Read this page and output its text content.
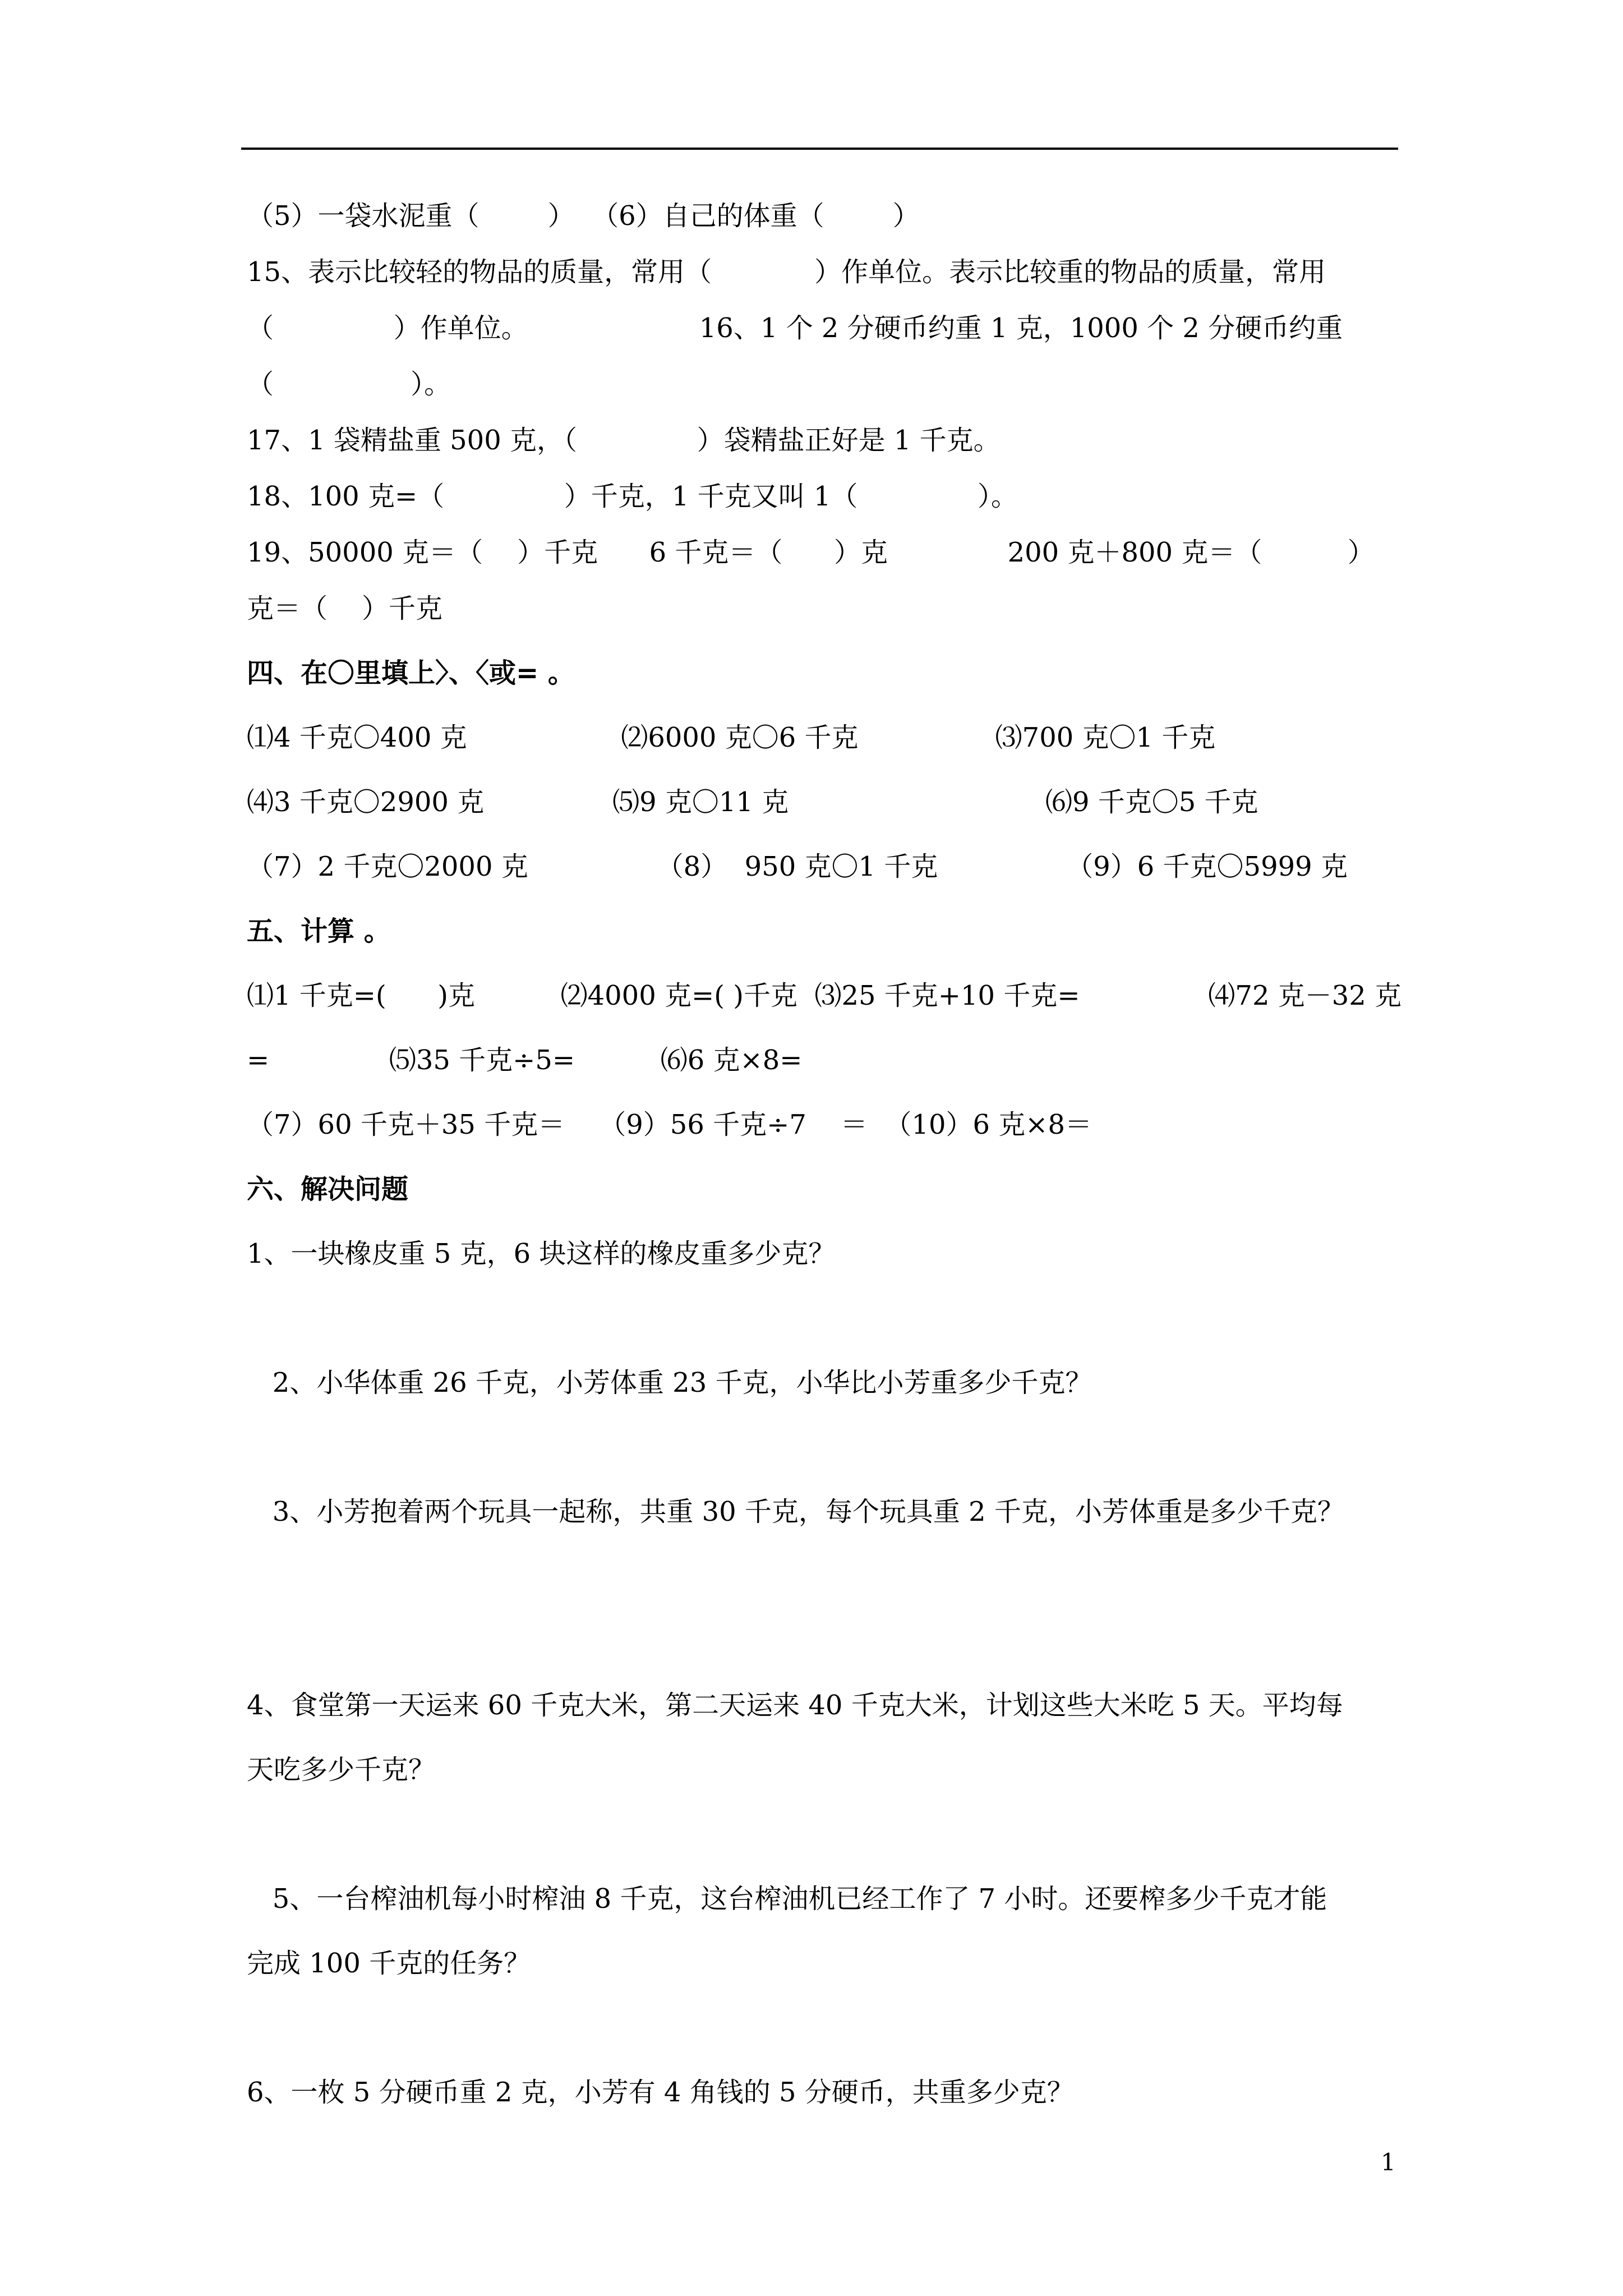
（5）一袋水泥重（        ）  （6）自己的体重（        ）
15、表示比较轻的物品的质量，常用（            ）作单位。表示比较重的物品的质量，常用
（              ）作单位。                    16、1 个 2 分硬币约重 1 克，1000 个 2 分硬币约重
（                ）。
17、1 袋精盐重 500 克，（              ）袋精盐正好是 1 千克。
18、100 克=（              ）千克，1 千克又叫 1（              ）。
19、50000 克＝（    ）千克      6 千克＝（      ）克              200 克＋800 克＝（          ）
克＝（    ）千克
四、在〇里填上〉、〈或= 。
⑴4 千克〇400 克                  ⑵6000 克〇6 千克                ⑶700 克〇1 千克
⑷3 千克〇2900 克               ⑸9 克〇11 克                              ⑹9 千克〇5 千克
（7）2 千克〇2000 克               （8）  950 克〇1 千克               （9）6 千克〇5999 克
五、计算 。
⑴1 千克=(      )克          ⑵4000 克=( )千克  ⑶25 千克+10 千克=               ⑷72 克－32 克
=              ⑸35 千克÷5=          ⑹6 克×8=
（7）60 千克＋35 千克＝    （9）56 千克÷7    ＝  （10）6 克×8＝
六、解决问题
1、一块橡皮重 5 克，6 块这样的橡皮重多少克？
2、小华体重 26 千克，小芳体重 23 千克，小华比小芳重多少千克？
3、小芳抱着两个玩具一起称，共重 30 千克，每个玩具重 2 千克，小芳体重是多少千克？
4、食堂第一天运来 60 千克大米，第二天运来 40 千克大米，计划这些大米吃 5 天。平均每
天吃多少千克？
5、一台榨油机每小时榨油 8 千克，这台榨油机已经工作了 7 小时。还要榨多少千克才能
完成 100 千克的任务？
6、一枚 5 分硬币重 2 克，小芳有 4 角钱的 5 分硬币，共重多少克？
1
